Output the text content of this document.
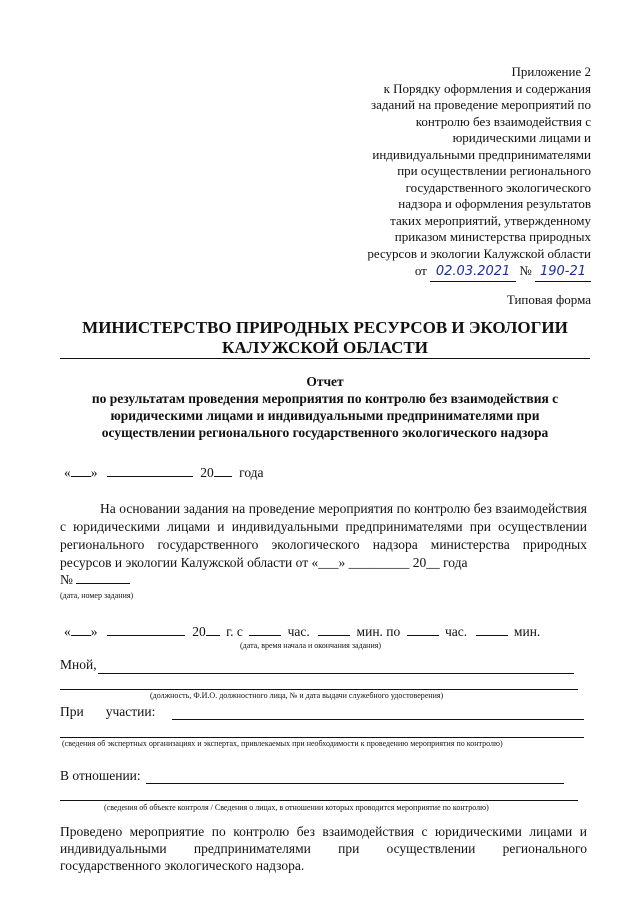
Приложение 2
к Порядку оформления и содержания
заданий на проведение мероприятий по
контролю без взаимодействия с
юридическими лицами и
индивидуальными предпринимателями
при осуществлении регионального
государственного экологического
надзора и оформления результатов
таких мероприятий, утвержденному
приказом министерства природных
ресурсов и экологии Калужской области
от 02.03.2021 № 190-21
Типовая форма
МИНИСТЕРСТВО ПРИРОДНЫХ РЕСУРСОВ И ЭКОЛОГИИ
КАЛУЖСКОЙ ОБЛАСТИ
Отчет
по результатам проведения мероприятия по контролю без взаимодействия с
юридическими лицами и индивидуальными предпринимателями при
осуществлении регионального государственного экологического надзора
« »	20 года
На основании задания на проведение мероприятия по контролю без взаимодействия с юридическими лицами и индивидуальными предпринимателями при осуществлении регионального государственного экологического надзора министерства природных ресурсов и экологии Калужской области от «___» _________ 20__ года
№
(дата, номер задания)
« »	20 г. с	час.	мин. по	час.	мин.
(дата, время начала и окончания задания)
Мной,
(должность, Ф.И.О. должностного лица, № и дата выдачи служебного удостоверения)
При участии:
(сведения об экспертных организациях и экспертах, привлекаемых при необходимости к проведению мероприятия по контролю)
В отношении:
(сведения об объекте контроля / Сведения о лицах, в отношении которых проводится мероприятие по контролю)
Проведено мероприятие по контролю без взаимодействия с юридическими лицами и индивидуальными предпринимателями при осуществлении регионального государственного экологического надзора.
